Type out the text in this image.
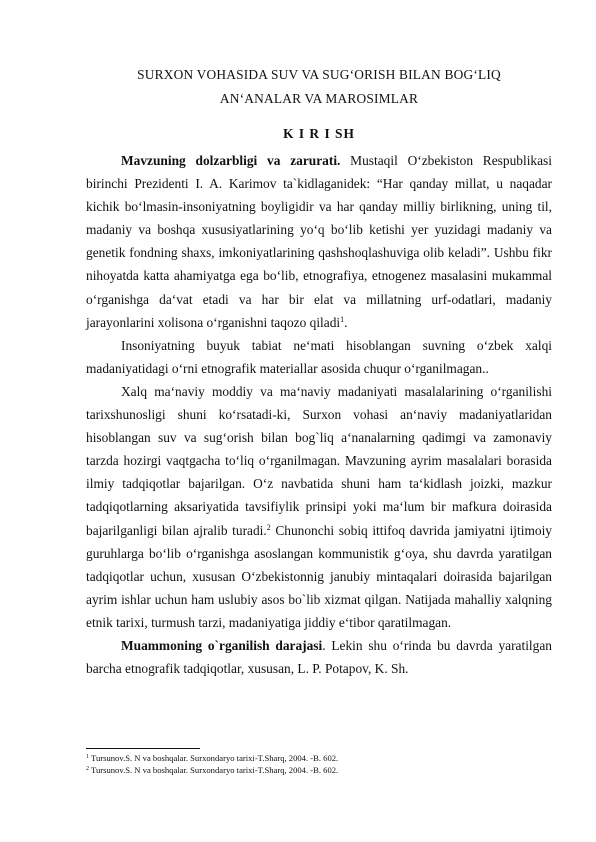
SURXON VOHASIDA SUV VA SUG‘ORISH BILAN BOG‘LIQ
AN‘ANALAR VA MAROSIMLAR
K I R I SH

Mavzuning dolzarbligi va zarurati. Mustaqil O‘zbekiston Respublikasi birinchi Prezidenti I. A. Karimov ta`kidlaganidek: “Har qanday millat, u naqadar kichik bo‘lmasin-insoniyatning boyligidir va har qanday milliy birlikning, uning til, madaniy va boshqa xususiyatlarining yo‘q bo‘lib ketishi yer yuzidagi madaniy va genetik fondning shaxs, imkoniyatlarining qashshoqlashuviga olib keladi”. Ushbu fikr nihoyatda katta ahamiyatga ega bo‘lib, etnografiya, etnogenez masalasini mukammal o‘rganishga da‘vat etadi va har bir elat va millatning urf-odatlari, madaniy jarayonlarini xolisona o‘rganishni taqozo qiladi$^1$.

Insoniyatning buyuk tabiat ne‘mati hisoblangan suvning o‘zbek xalqi madaniyatidagi o‘rni etnografik materiallar asosida chuqur o‘rganilmagan..

Xalq ma‘naviy moddiy va ma‘naviy madaniyati masalalarining o‘rganilishi tarixshunosligi shuni ko‘rsatadi-ki, Surxon vohasi an‘naviy madaniyatlaridan hisoblangan suv va sug‘orish bilan bog`liq a‘nanalarning qadimgi va zamonaviy tarzda hozirgi vaqtgacha to‘liq o‘rganilmagan. Mavzuning ayrim masalalari borasida ilmiy tadqiqotlar bajarilgan. O‘z navbatida shuni ham ta‘kidlash joizki, mazkur tadqiqotlarning aksariyatida tavsifiylik prinsipi yoki ma‘lum bir mafkura doirasida bajarilganligi bilan ajralib turadi.$^2$ Chunonchi sobiq ittifoq davrida jamiyatni ijtimoiy guruhlarga bo‘lib o‘rganishga asoslangan kommunistik g‘oya, shu davrda yaratilgan tadqiqotlar uchun, xususan O‘zbekistonnig janubiy mintaqalari doirasida bajarilgan ayrim ishlar uchun ham uslubiy asos bo`lib xizmat qilgan. Natijada mahalliy xalqning etnik tarixi, turmush tarzi, madaniyatiga jiddiy e‘tibor qaratilmagan.

Muammoning o`rganilish darajasi. Lekin shu o‘rinda bu davrda yaratilgan barcha etnografik tadqiqotlar, xususan, L. P. Potapov, K. Sh.

$^1$ Tursunov.S. N va boshqalar. Surxondaryo tarixi-T.Sharq, 2004. -B. 602.
$^2$ Tursunov.S. N va boshqalar. Surxondaryo tarixi-T.Sharq, 2004. -B. 602.
